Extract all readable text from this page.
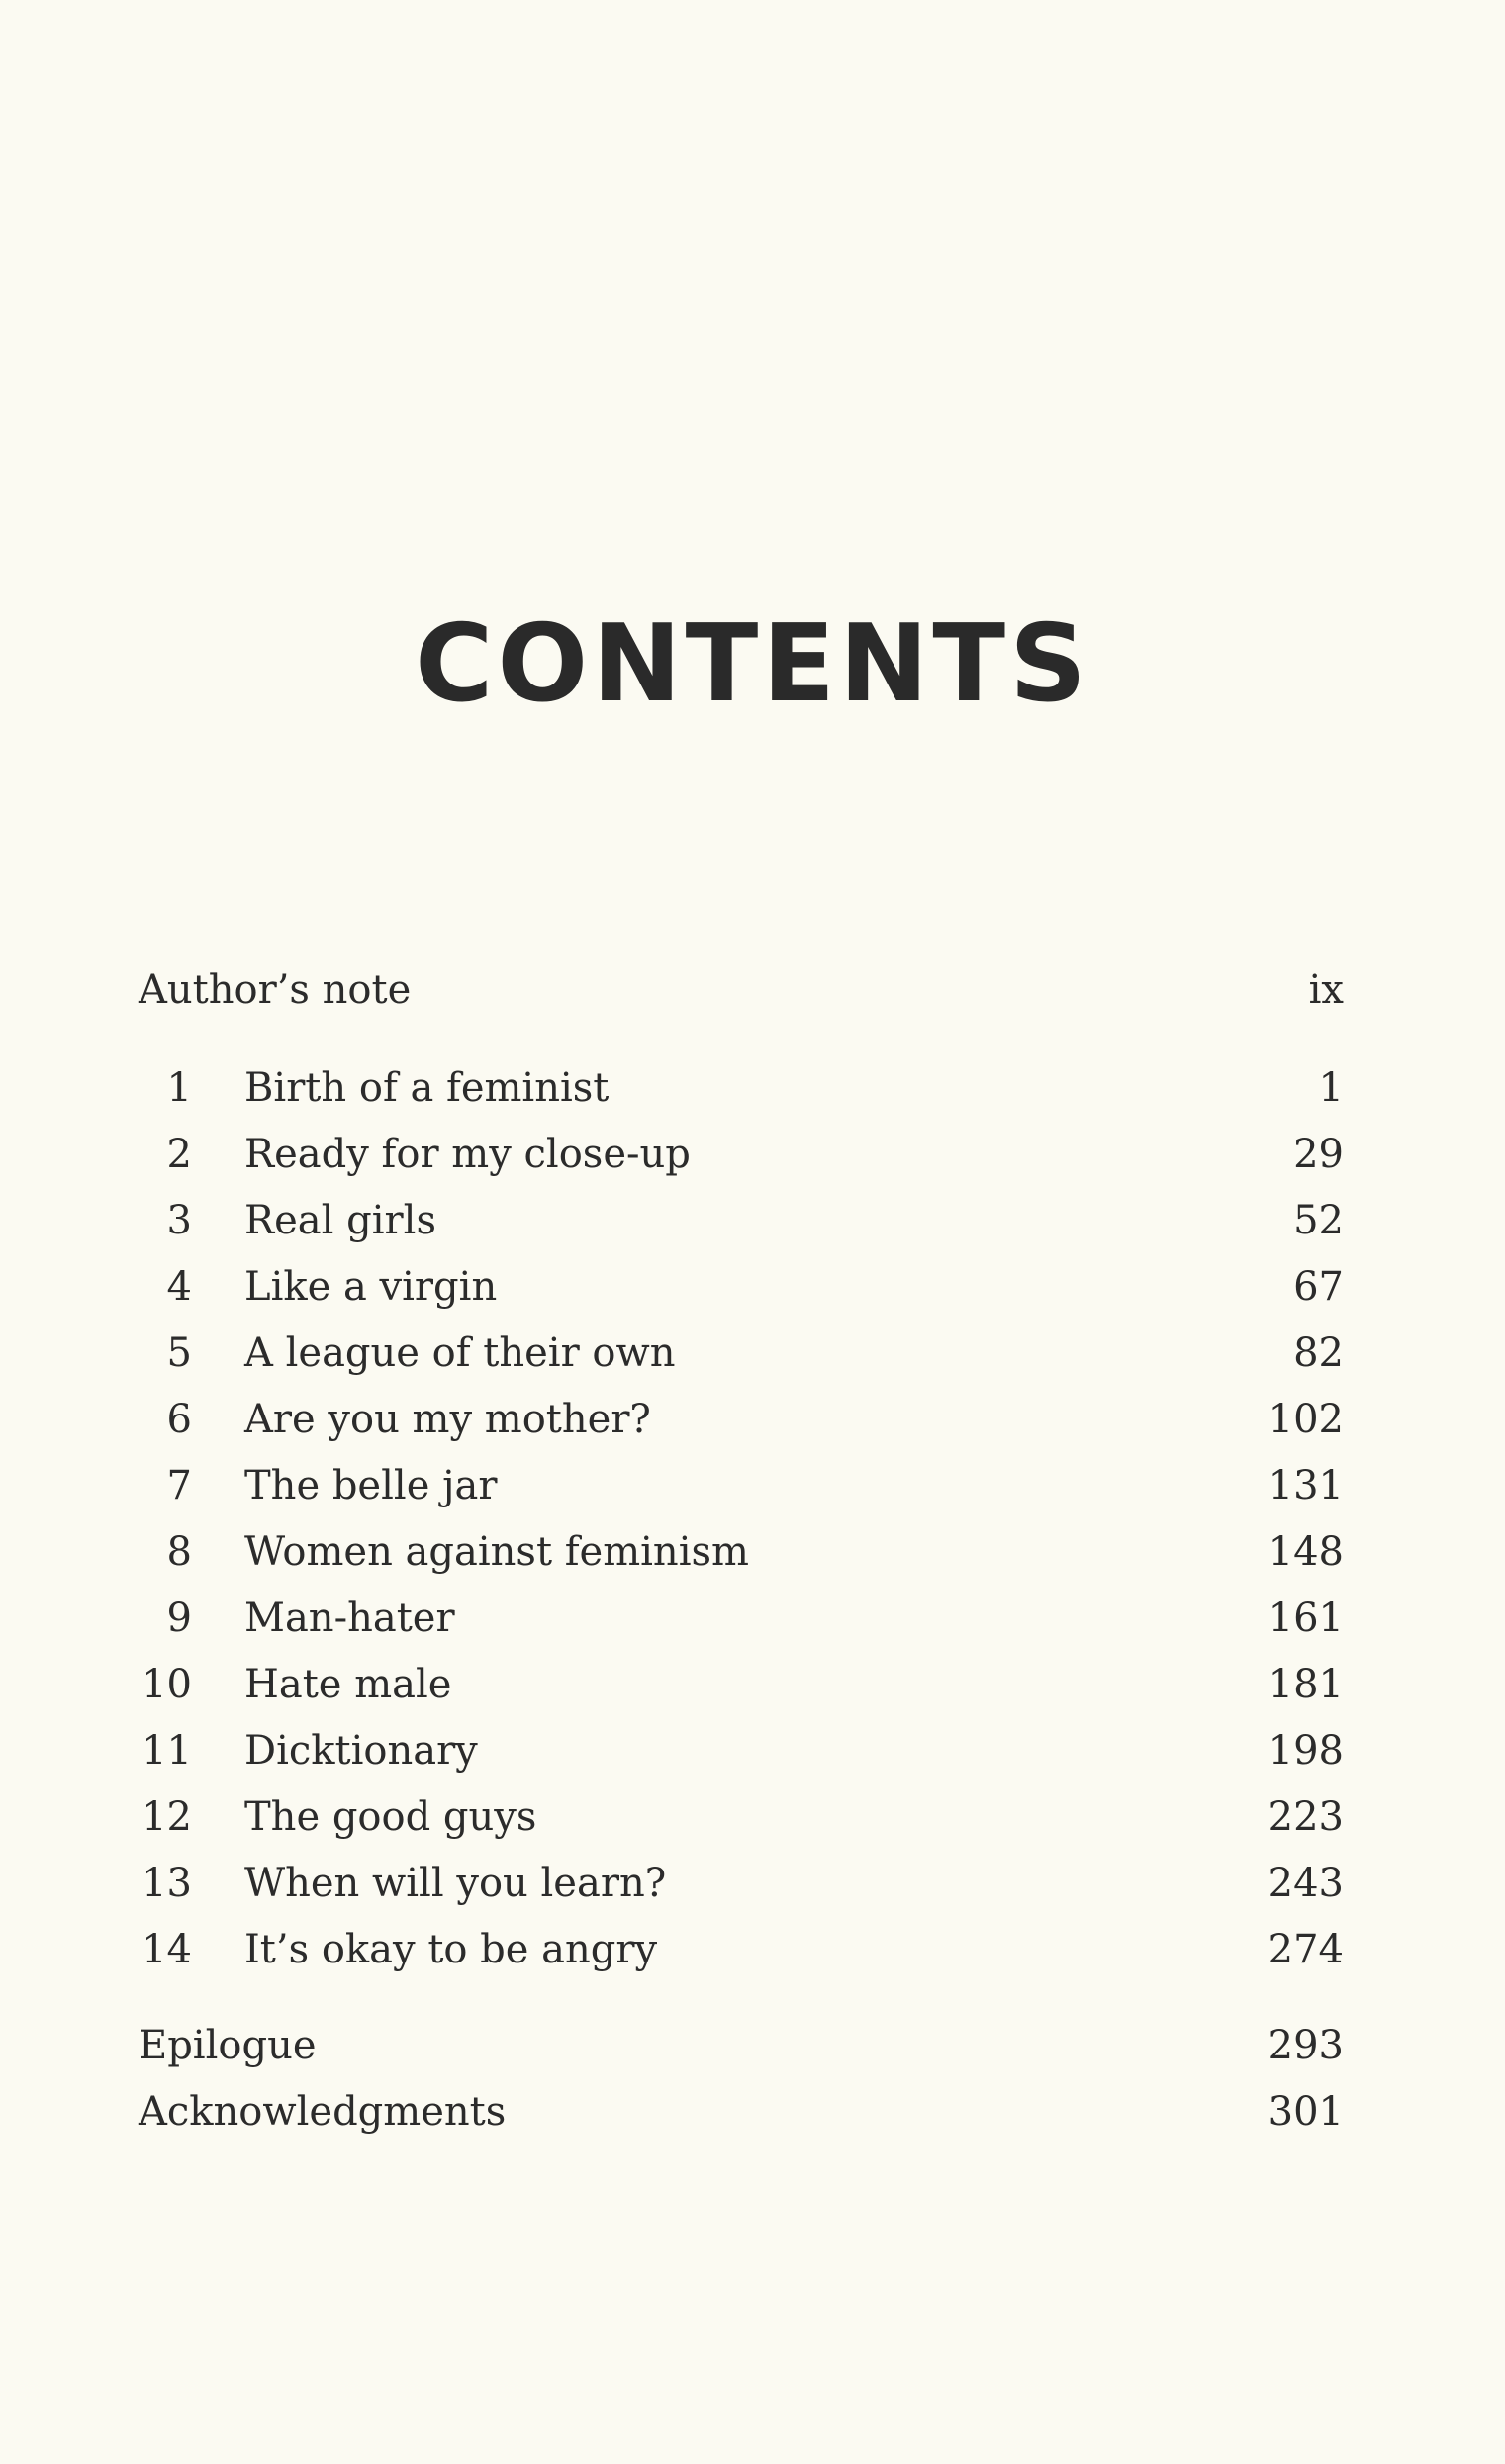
CONTENTS
Author’s note	ix
1 Birth of a feminist	1
2 Ready for my close-up	29
3 Real girls	52
4 Like a virgin	67
5 A league of their own	82
6 Are you my mother?	102
7 The belle jar	131
8 Women against feminism	148
9 Man-hater	161
10 Hate male	181
11 Dicktionary	198
12 The good guys	223
13 When will you learn?	243
14 It’s okay to be angry	274
Epilogue	293
Acknowledgments	301
